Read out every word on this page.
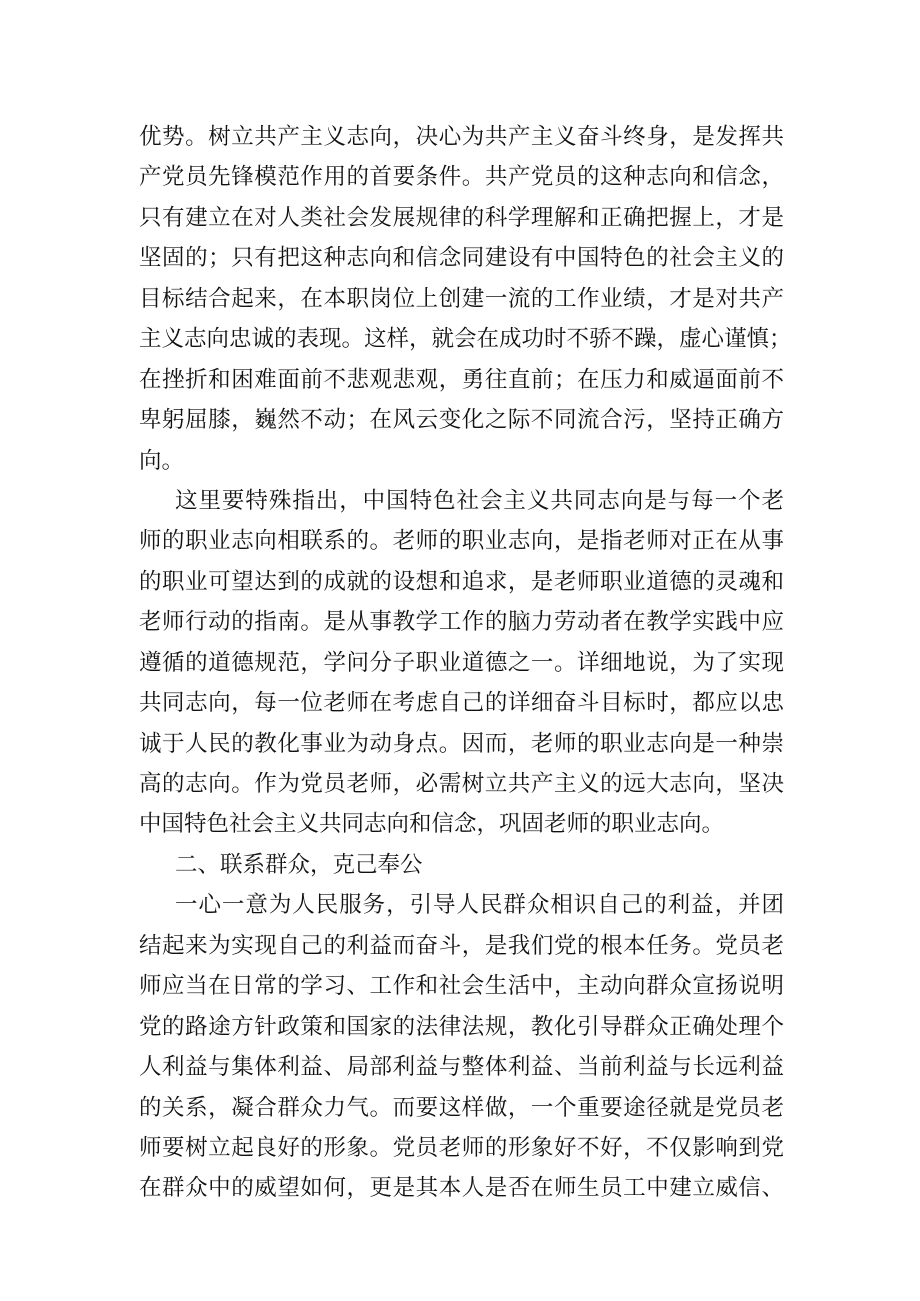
优势。树立共产主义志向，决心为共产主义奋斗终身，是发挥共
产党员先锋模范作用的首要条件。共产党员的这种志向和信念，
只有建立在对人类社会发展规律的科学理解和正确把握上，才是
坚固的；只有把这种志向和信念同建设有中国特色的社会主义的
目标结合起来，在本职岗位上创建一流的工作业绩，才是对共产
主义志向忠诚的表现。这样，就会在成功时不骄不躁，虚心谨慎；
在挫折和困难面前不悲观悲观，勇往直前；在压力和威逼面前不
卑躬屈膝，巍然不动；在风云变化之际不同流合污，坚持正确方
向。
这里要特殊指出，中国特色社会主义共同志向是与每一个老
师的职业志向相联系的。老师的职业志向，是指老师对正在从事
的职业可望达到的成就的设想和追求，是老师职业道德的灵魂和
老师行动的指南。是从事教学工作的脑力劳动者在教学实践中应
遵循的道德规范，学问分子职业道德之一。详细地说，为了实现
共同志向，每一位老师在考虑自己的详细奋斗目标时，都应以忠
诚于人民的教化事业为动身点。因而，老师的职业志向是一种崇
高的志向。作为党员老师，必需树立共产主义的远大志向，坚决
中国特色社会主义共同志向和信念，巩固老师的职业志向。
二、联系群众，克己奉公
一心一意为人民服务，引导人民群众相识自己的利益，并团
结起来为实现自己的利益而奋斗，是我们党的根本任务。党员老
师应当在日常的学习、工作和社会生活中，主动向群众宣扬说明
党的路途方针政策和国家的法律法规，教化引导群众正确处理个
人利益与集体利益、局部利益与整体利益、当前利益与长远利益
的关系，凝合群众力气。而要这样做，一个重要途径就是党员老
师要树立起良好的形象。党员老师的形象好不好，不仅影响到党
在群众中的威望如何，更是其本人是否在师生员工中建立威信、
